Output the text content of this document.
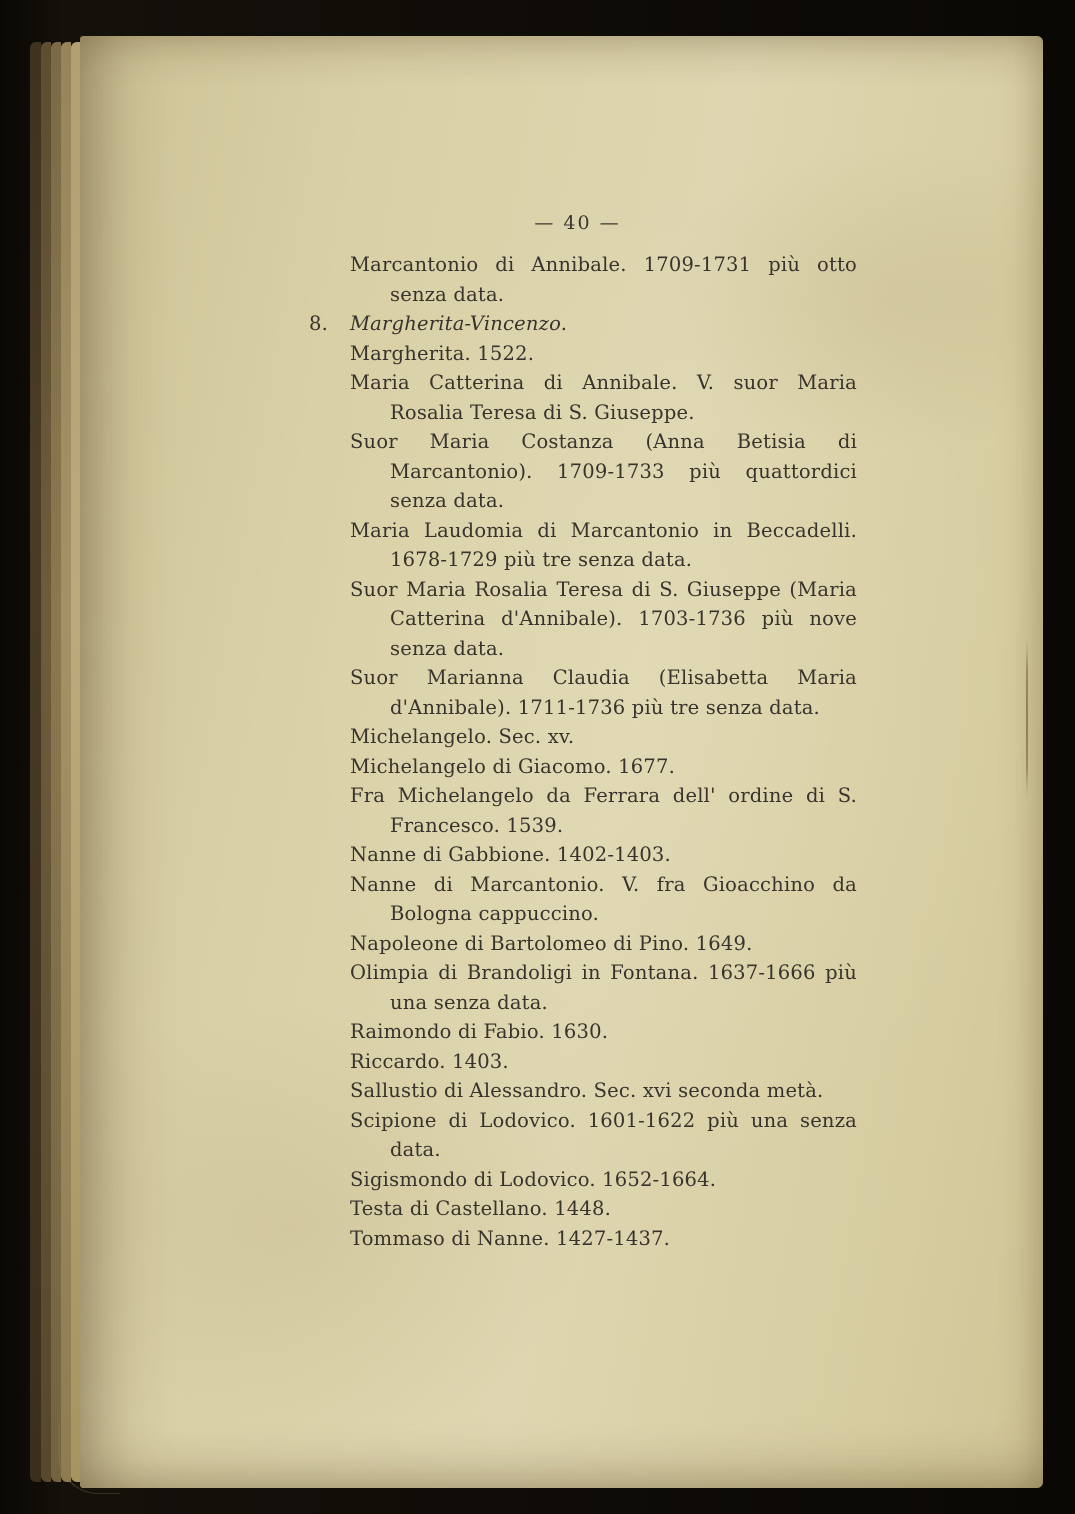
— 40 —

Marcantonio di Annibale. 1709-1731 più otto senza data.

8. Margherita-Vincenzo.

Margherita. 1522.

Maria Catterina di Annibale. V. suor Maria Rosalia Teresa di S. Giuseppe.

Suor Maria Costanza (Anna Betisia di Marcantonio). 1709-1733 più quattordici senza data.

Maria Laudomia di Marcantonio in Beccadelli. 1678-1729 più tre senza data.

Suor Maria Rosalia Teresa di S. Giuseppe (Maria Catterina d'Annibale). 1703-1736 più nove senza data.

Suor Marianna Claudia (Elisabetta Maria d'Annibale). 1711-1736 più tre senza data.

Michelangelo. Sec. xv.

Michelangelo di Giacomo. 1677.

Fra Michelangelo da Ferrara dell' ordine di S. Francesco. 1539.

Nanne di Gabbione. 1402-1403.

Nanne di Marcantonio. V. fra Gioacchino da Bologna cappuccino.

Napoleone di Bartolomeo di Pino. 1649.

Olimpia di Brandoligi in Fontana. 1637-1666 più una senza data.

Raimondo di Fabio. 1630.

Riccardo. 1403.

Sallustio di Alessandro. Sec. xvi seconda metà.

Scipione di Lodovico. 1601-1622 più una senza data.

Sigismondo di Lodovico. 1652-1664.

Testa di Castellano. 1448.

Tommaso di Nanne. 1427-1437.
